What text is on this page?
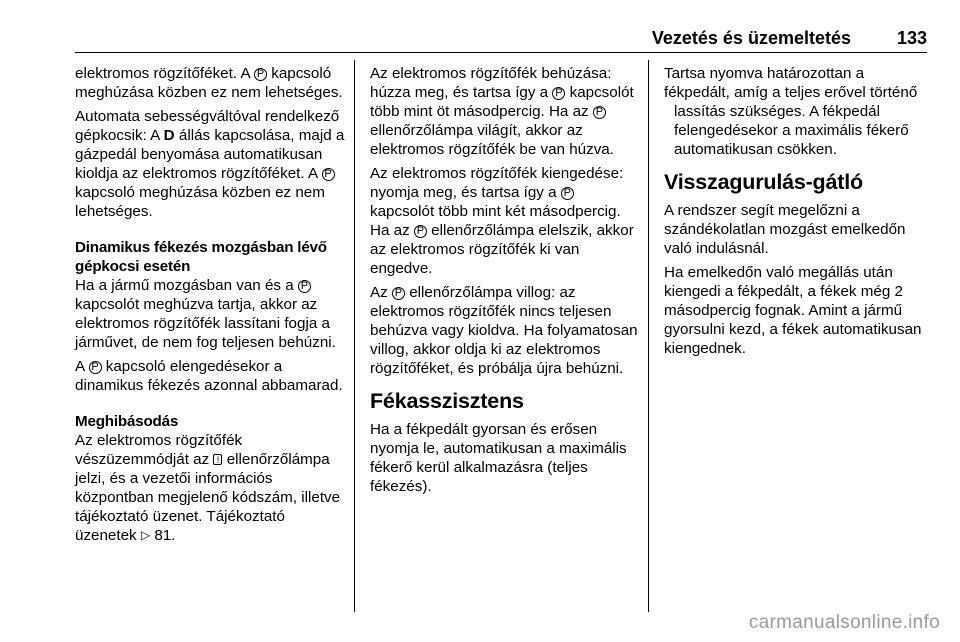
Vezetés és üzemeltetés	133

elektromos rögzítőféket. A P kapcsoló meghúzása közben ez nem lehetséges.

Automata sebességváltóval rendelkező gépkocsik: A D állás kapcsolása, majd a gázpedál benyomása automatikusan kioldja az elektromos rögzítőféket. A P kapcsoló meghúzása közben ez nem lehetséges.

Dinamikus fékezés mozgásban lévő gépkocsi esetén

Ha a jármű mozgásban van és a P kapcsolót meghúzva tartja, akkor az elektromos rögzítőfék lassítani fogja a járművet, de nem fog teljesen behúzni.

A P kapcsoló elengedésekor a dinamikus fékezés azonnal abbamarad.

Meghibásodás

Az elektromos rögzítőfék vészüzemmódját az ! ellenőrzőlámpa jelzi, és a vezetői információs központban megjelenő kódszám, illetve tájékoztató üzenet. Tájékoztató üzenetek ▷ 81.

Az elektromos rögzítőfék behúzása: húzza meg, és tartsa így a P kapcsolót több mint öt másodpercig. Ha az P ellenőrzőlámpa világít, akkor az elektromos rögzítőfék be van húzva.

Az elektromos rögzítőfék kiengedése: nyomja meg, és tartsa így a P kapcsolót több mint két másodpercig. Ha az P ellenőrzőlámpa elelszik, akkor az elektromos rögzítőfék ki van engedve.

Az P ellenőrzőlámpa villog: az elektromos rögzítőfék nincs teljesen behúzva vagy kioldva. Ha folyamatosan villog, akkor oldja ki az elektromos rögzítőféket, és próbálja újra behúzni.

Fékasszisztens

Ha a fékpedált gyorsan és erősen nyomja le, automatikusan a maximális fékerő kerül alkalmazásra (teljes fékezés).

Tartsa nyomva határozottan a
fékpedált, amíg a teljes erővel történő
lassítás szükséges. A fékpedál
felengedésekor a maximális fékerő
automatikusan csökken.

Visszagurulás-gátló

A rendszer segít megelőzni a szándékolatlan mozgást emelkedőn való indulásnál.

Ha emelkedőn való megállás után kiengedi a fékpedált, a fékek még 2 másodpercig fognak. Amint a jármű gyorsulni kezd, a fékek automatikusan kiengednek.

carmanualsonline.info
